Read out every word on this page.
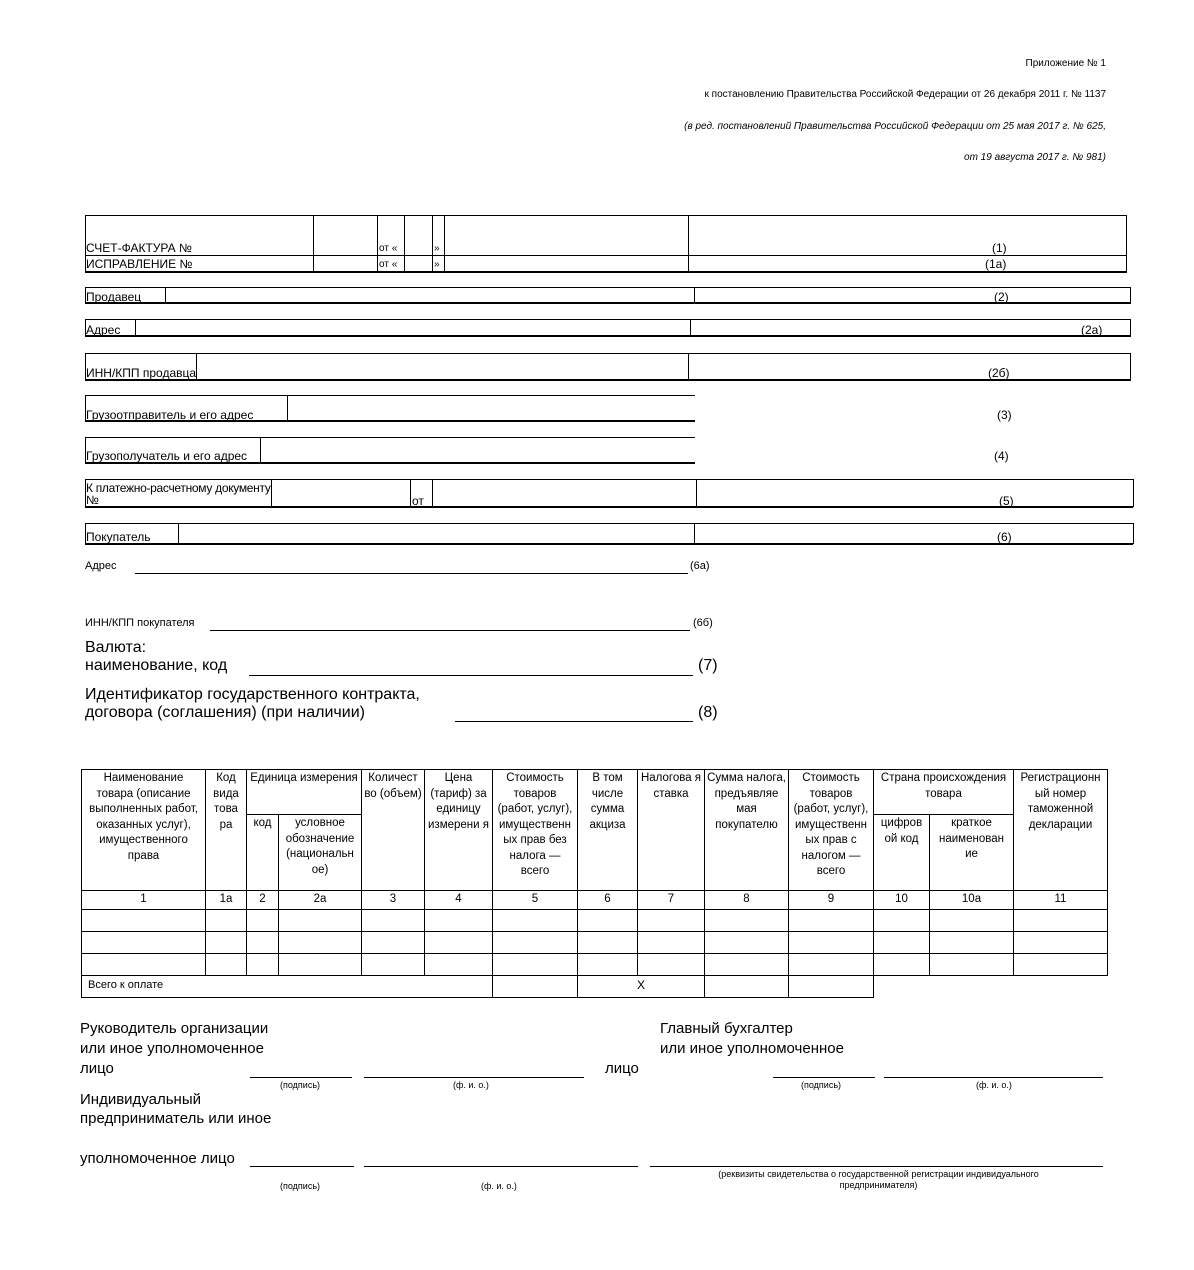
Приложение № 1
к постановлению Правительства Российской Федерации от 26 декабря 2011 г. № 1137
(в ред. постановлений Правительства Российской Федерации от 25 мая 2017 г. № 625,
от 19 августа 2017 г. № 981)
СЧЕТ-ФАКТУРА №	от «	»	(1)
ИСПРАВЛЕНИЕ №	от «	»	(1а)
Продавец	(2)
Адрес	(2а)
ИНН/КПП продавца	(2б)
Грузоотправитель и его адрес	(3)
Грузополучатель и его адрес	(4)
К платежно-расчетному документу
№	от	(5)
Покупатель	(6)
Адрес	(6а)
ИНН/КПП покупателя	(6б)
Валюта:
наименование, код	(7)
Идентификатор государственного контракта,
договора (соглашения) (при наличии)	(8)
Наименование товара (описание выполненных работ, оказанных услуг), имущественного права	Код вида това ра	Единица измерения		Количест во (объем)	Цена (тариф) за единицу измерени я	Стоимость товаров (работ, услуг), имущественн ых прав без налога — всего	В том числе сумма акциза	Налогова я ставка	Сумма налога, предъявляе мая покупателю	Стоимость товаров (работ, услуг), имущественн ых прав с налогом — всего	Страна происхождения товара		Регистрационн ый номер таможенной декларации
		код	условное обозначение (национальн ое)								цифров ой код	краткое наименован ие	
1	1а	2	2а	3	4	5	6	7	8	9	10	10а	11

Всего к оплате							X						
Руководитель организации
или иное уполномоченное
лицо
(подпись)	(ф. и. о.)
Главный бухгалтер
или иное уполномоченное
лицо
(подпись)	(ф. и. о.)
Индивидуальный
предприниматель или иное
уполномоченное лицо
(подпись)	(ф. и. о.)
(реквизиты свидетельства о государственной регистрации индивидуального
предпринимателя)
